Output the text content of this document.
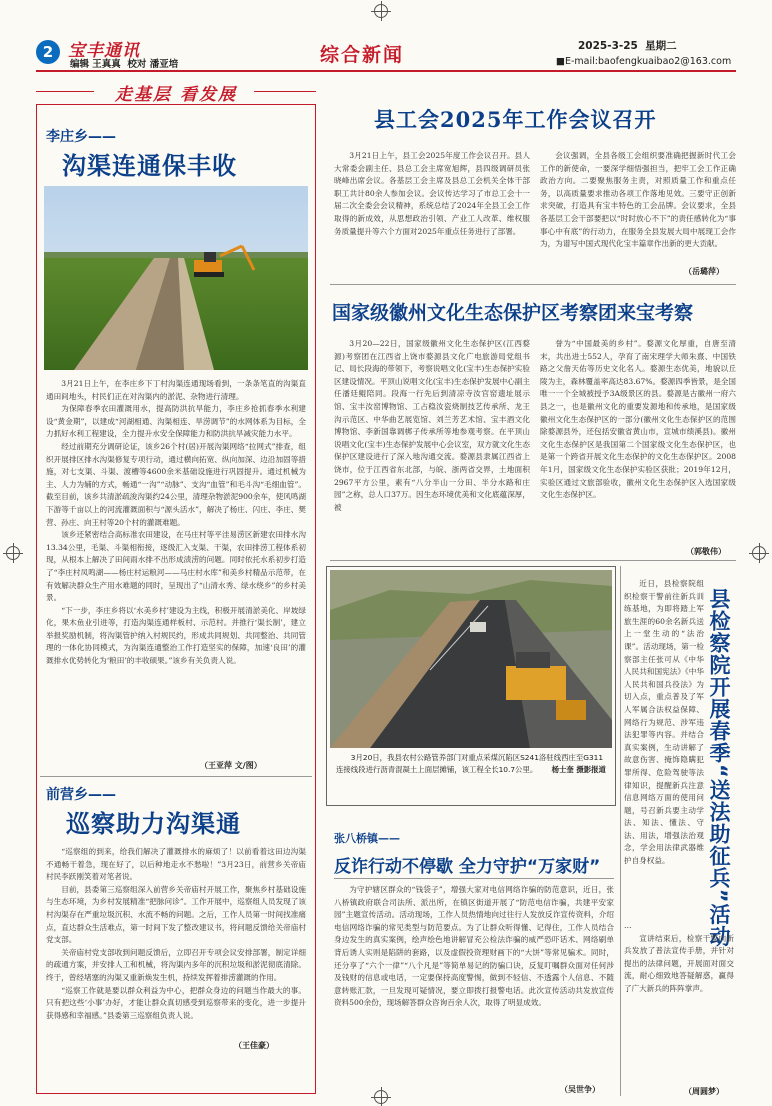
2 宝丰通讯
编辑 王真真  校对 潘亚培	综合新闻	2025-3-25  星期二
■E-mail:baofengkuaibao2@163.com
走基层 看发展
李庄乡——
沟渠连通保丰收

3月21日上午，在李庄乡下丁村沟渠连通现场看到，一条条笔直的沟渠直通田间地头，村民们正在对沟渠内的淤泥、杂物进行清理。

为保障春季农田灌溉用水，提高防洪抗旱能力，李庄乡抢抓春季水利建设“黄金期”，以建成“河湖相通、沟渠相连、旱涝调节”的水网体系为目标，全力抓好水利工程建设，全力提升水安全保障能力和防洪抗旱减灾能力水平。

经过前期充分调研论证，该乡26个村(居)开展沟渠网络“拉网式”排查，组织开展排区排水沟渠修复专项行动，通过横向拓宽、纵向加深、边沿加固等措施，对七支渠、斗渠、渡槽等4600余米基础设施进行巩固提升。通过机械为主、人力为辅的方式，畅通“一沟”“动脉”、支沟“血管”和毛斗沟“毛细血管”。截至目前，该乡共清淤疏浚沟渠约24公里，清理杂物淤泥900余车，使风鸣湖下游等千亩以上的河流灌溉面积与“源头活水”，解决了杨庄、闪庄、李庄、樊营、孙庄、向王村等20个村的灌溉难题。

该乡还紧密结合高标准农田建设，在马庄村等平洼易涝区新建农田排水沟13.34公里，毛渠、斗渠相衔接，逐级汇入支渠、干渠，农田排涝工程体系初现，从根本上解决了田间雨水排不出形成渍涝的问题。同时依托水系初步打造了“李庄村凤鸣湖——杨庄村运粮河——马庄村水库”和美乡村精品示范带，在有效解决群众生产用水难题的同时，呈现出了“山清水秀、绿水绕乡”的乡村美景。

“下一步，李庄乡将以‘水美乡村’建设为主线，积极开展清淤美化、岸坡绿化，果木鱼业引进等，打造沟渠连通样板村、示范村。并推行‘渠长制’，建立举报奖励机制，将沟渠管护纳入村规民约，形成共同规划、共同整治、共同管理的一体化协同模式，为沟渠连通整治工作打造坚实的保障，加速‘良田’的灌溉排水优势转化为‘粮田’的丰收硕果。”该乡有关负责人说。

（王亚萍 文/图）
前营乡——
巡察助力沟渠通

“巡察组的到来，给我们解决了灌溉排水的麻烦了！以前看着这田边沟渠不通畅干着急，现在好了，以后种地走水不愁啦！”3月23日，前营乡关帝庙村民李跃刚笑着对笔者说。

目前，县委第三巡察组深入前营乡关帝庙村开展工作，聚焦乡村基础设施与生态环境，为乡村发展精准“把脉问诊”。工作开展中，巡察组人员发现了该村沟渠存在严重垃圾沉积、水流不畅的问题。之后，工作人员第一时间找准痛点，直达群众生活难点，第一时间下发了整改建议书，将问题反馈给关帝庙村党支部。

关帝庙村党支部收到问题反馈后，立即召开专项会议安排部署，制定详细的疏通方案，并安排人工和机械，将沟渠内多年的沉积垃圾和淤泥彻底清除。终于，曾经堵塞的沟渠又重新焕发生机，持续发挥着排涝灌溉的作用。

“巡察工作就是要以群众利益为中心，把群众身边的问题当作最大的事。只有把这些‘小事’办好，才能让群众真切感受到巡察带来的变化，进一步提升获得感和幸福感。”县委第三巡察组负责人说。

（王佳豪）
县工会2025年工作会议召开
3月21日上午，县工会2025年度工作会议召开。县人大常委会副主任、县总工会主席宽旭辉，县四级调研员张晓峰出席会议。各基层工会主席及县总工会机关全体干部职工共计80余人参加会议。会议传达学习了市总工会十一届二次全委会会议精神，系统总结了2024年全县工会工作取得的新成效，从思想政治引领、产业工人改革、维权服务质量提升等六个方面对2025年重点任务进行了部署。
会议强调，全县各级工会组织要准确把握新时代工会工作的新使命，一要深学细悟强担当，把牢工会工作正确政治方向。二要聚焦服务主责，对照质量工作和重点任务，以高质量要求推动各项工作落地见效。三要守正创新求突破，打造具有宝丰特色的工会品牌。会议要求，全县各基层工会干部要把以“时时放心不下”的责任感转化为“事事心中有底”的行动力，在服务全县发展大局中展现工会作为，为谱写中国式现代化宝丰篇章作出新的更大贡献。
（岳璐萍）
国家级徽州文化生态保护区考察团来宝考察
3月20—22日，国家级徽州文化生态保护区(江西婺源)考察团在江西省上饶市婺源县文化广电旅游局党组书记、局长段海的带领下，考察说唱文化(宝丰)生态保护实验区建设情况。平顶山说唱文化(宝丰)生态保护发展中心副主任潘廷鲲陪同。段海一行先后到清凉寺汝官窑遗址展示馆、宝丰汝窑博物馆、工占稳汝瓷烧制技艺传承所、龙王沟示范区、中华曲艺展览馆、刘兰芳艺术馆、宝丰酒文化博物馆、李新国靠调梆子传承所等地参观考察。在平顶山说唱文化(宝丰)生态保护发展中心会议室，双方就文化生态保护区建设进行了深入地沟通交流。婺源县隶属江西省上饶市，位于江西省东北部，与皖、浙两省交界，土地面积2967平方公里，素有“八分半山一分田、半分水路和庄园”之称，总人口37万。因生态环境优美和文化底蕴深厚，被
誉为“中国最美的乡村”。婺源文化厚重，自唐至清末，共出进士552人，孕育了南宋理学大师朱熹、中国铁路之父詹天佑等历史文化名人。婺源生态优美，地貌以丘陵为主，森林覆盖率高达83.67%。婺源四季皆景，是全国唯一一个全城被授予3A级景区的县。婺源是古徽州一府六县之一，也是徽州文化的重要发源地和传承地，是国家级徽州文化生态保护区的一部分(徽州文化生态保护区的范围除婺源县外，还包括安徽省黄山市，宣城市绩溪县)。徽州文化生态保护区是我国第二个国家级文化生态保护区，也是第一个跨省开展文化生态保护的文化生态保护区。2008年1月，国家级文化生态保护实验区获批；2019年12月，实验区通过文旅部验收，徽州文化生态保护区入选国家级文化生态保护区。
（郭敬伟）
3月20日，我县农村公路管养部门对重点采煤沉陷区S241洛驻线西庄至G311连接线段进行沥青混凝土上面层摊铺，该工程全长10.7公里。 杨士奎 摄影报道
近日，县检察院组织检察干警前往新兵训练基地，为即将踏上军旅生涯的60余名新兵送上一堂生动的“法治课”。活动现场，第一检察部主任张可从《中华人民共和国宪法》《中华人民共和国兵役法》为切入点，重点普及了军人军属合法权益保障、网络行为规范、涉军违法犯罪等内容。并结合真实案例，生动讲解了故意伤害、掩饰隐瞒犯罪所得、危险驾驶等法律知识，提醒新兵注意信息网络万面的使用问题，号召新兵要主动学法、知法、懂法、守法、用法，增强法治观念，学会用法律武器维护自身权益。	县检察院开展春季“送法助征兵”活动

…

宣讲结束后，检察干警向新兵发放了普法宣传手册，并针对提出的法律问题，开展面对面交流，耐心细致地答疑解惑，赢得了广大新兵的阵阵掌声。

（周圆梦）
张八桥镇——
反诈行动不停歇 全力守护“万家财”
为守护辖区群众的“钱袋子”，增强大家对电信网络诈骗的防范意识，近日，张八桥镇政府联合司法所、派出所，在镇区街道开展了“防范电信诈骗，共建平安家园”主题宣传活动。活动现场，工作人员热情地向过往行人发放反诈宣传资料，介绍电信网络诈骗的常见类型与防范要点。为了让群众听得懂、记得住，工作人员结合身边发生的真实案例，绘声绘色地讲解冒充公检法诈骗的威严恐吓话术、网络刷单背后诱人实则是陷阱的套路，以及虚假投资理财画下的“大饼”等常见骗术。同时，还分享了“六个一律”“八个凡是”等简单易记的防骗口诀，反复叮嘱群众面对任何涉及钱财的信息或电话，一定要保持高度警惕，做到不轻信、不透露个人信息、不随意转账汇款，一旦发现可疑情况，要立即拨打报警电话。此次宣传活动共发放宣传资料500余份，现场解答群众咨询百余人次，取得了明显成效。
（吴世争）
